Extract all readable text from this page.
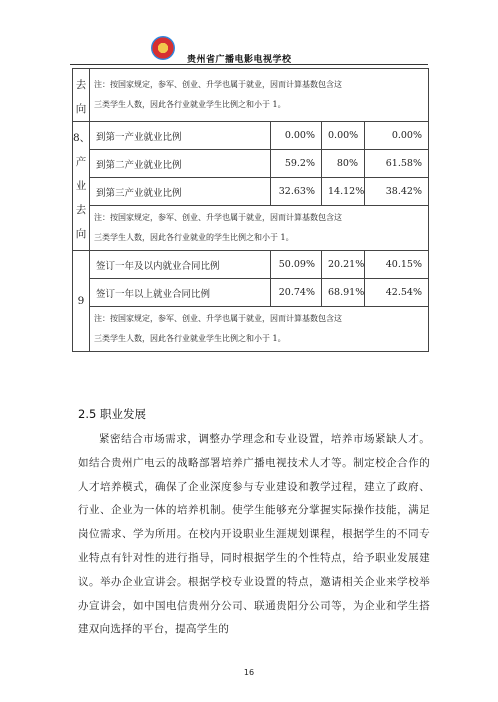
贵州省广播电影电视学校
去
向	注：按国家规定，参军、创业、升学也属于就业，因而计算基数包含这
三类学生人数，因此各行业就业学生比例之和小于 1。			

8、
产
业
去
向	到第一产业就业比例	0.00%	0.00%	0.00%
	到第二产业就业比例	59.2%	80%	61.58%
	到第三产业就业比例	32.63%	14.12%	38.42%

	注：按国家规定，参军、创业、升学也属于就业，因而计算基数包含这
三类学生人数，因此各行业就业的学生比例之和小于 1。			

9	签订一年及以内就业合同比例	50.09%	20.21%	40.15%
	签订一年以上就业合同比例	20.74%	68.91%	42.54%

	注：按国家规定，参军、创业、升学也属于就业，因而计算基数包含这
三类学生人数，因此各行业就业学生比例之和小于 1。			
2.5 职业发展

紧密结合市场需求，调整办学理念和专业设置，培养市场紧缺人才。如结合贵州广电云的战略部署培养广播电视技术人才等。制定校企合作的人才培养模式，确保了企业深度参与专业建设和教学过程，建立了政府、行业、企业为一体的培养机制。使学生能够充分掌握实际操作技能，满足岗位需求、学为所用。在校内开设职业生涯规划课程，根据学生的不同专业特点有针对性的进行指导，同时根据学生的个性特点，给予职业发展建议。举办企业宣讲会。根据学校专业设置的特点，邀请相关企业来学校举办宣讲会，如中国电信贵州分公司、联通贵阳分公司等，为企业和学生搭建双向选择的平台，提高学生的

16
